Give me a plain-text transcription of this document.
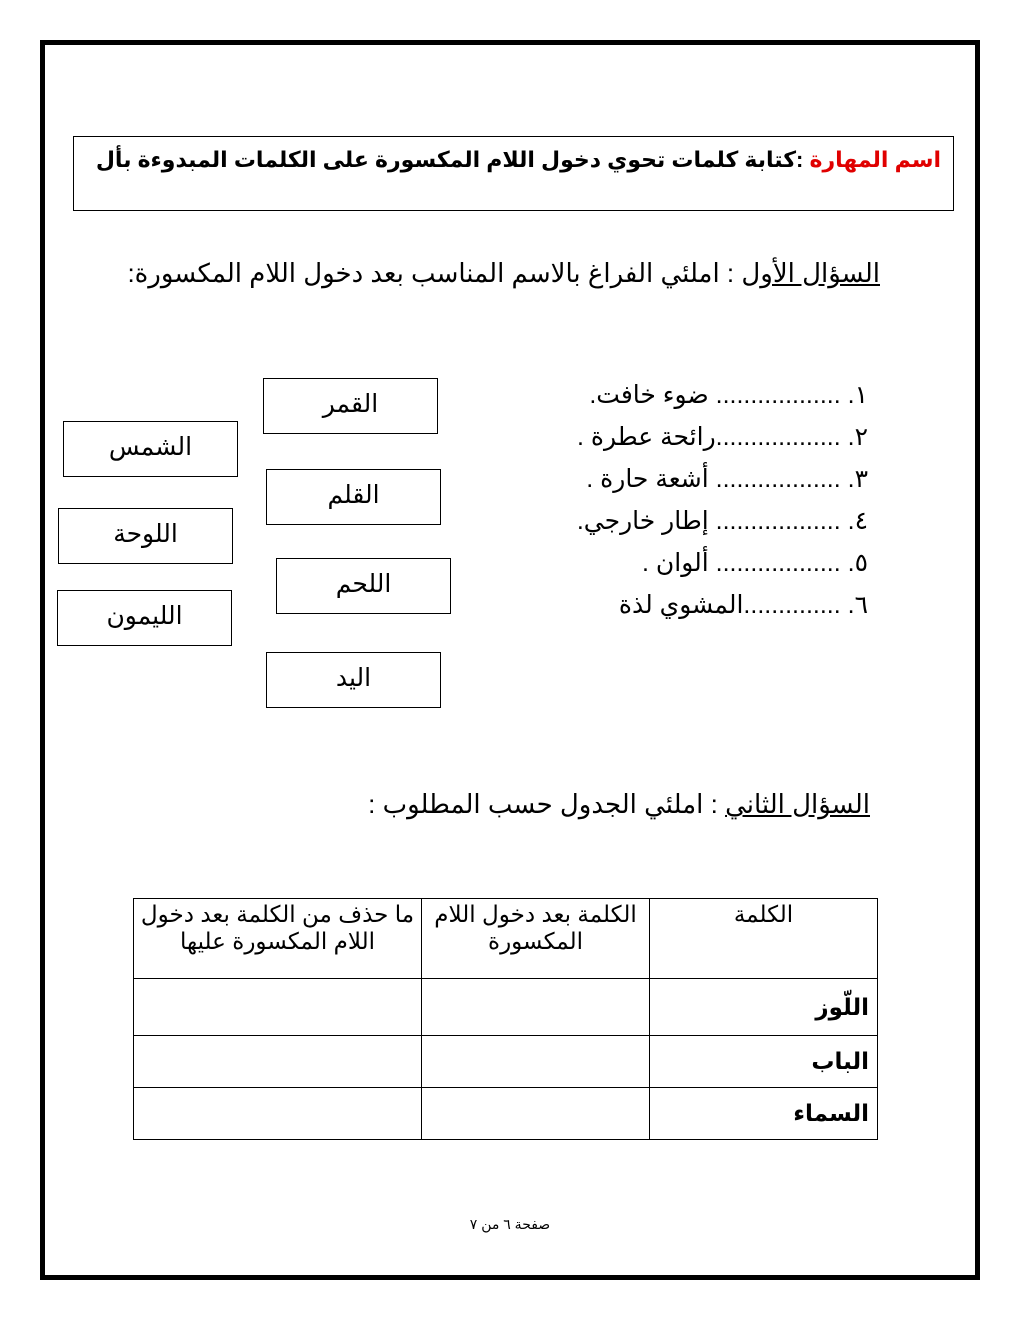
اسم المهارة :كتابة كلمات تحوي دخول اللام المكسورة على الكلمات المبدوءة بأل
السؤال الأول : املئي الفراغ بالاسم المناسب بعد دخول اللام المكسورة:
١. .................. ضوء خافت.
٢. ..................رائحة عطرة .
٣. .................. أشعة حارة .
٤. .................. إطار خارجي.
٥. .................. ألوان .
٦. ..............المشوي لذة
القمر
الشمس
القلم
اللوحة
اللحم
الليمون
اليد
السؤال الثاني : املئي الجدول حسب المطلوب :
الكلمة	الكلمة بعد دخول اللام المكسورة	ما حذف من الكلمة بعد دخول اللام المكسورة عليها
اللّوز		
الباب		
السماء		
صفحة ٦ من ٧
